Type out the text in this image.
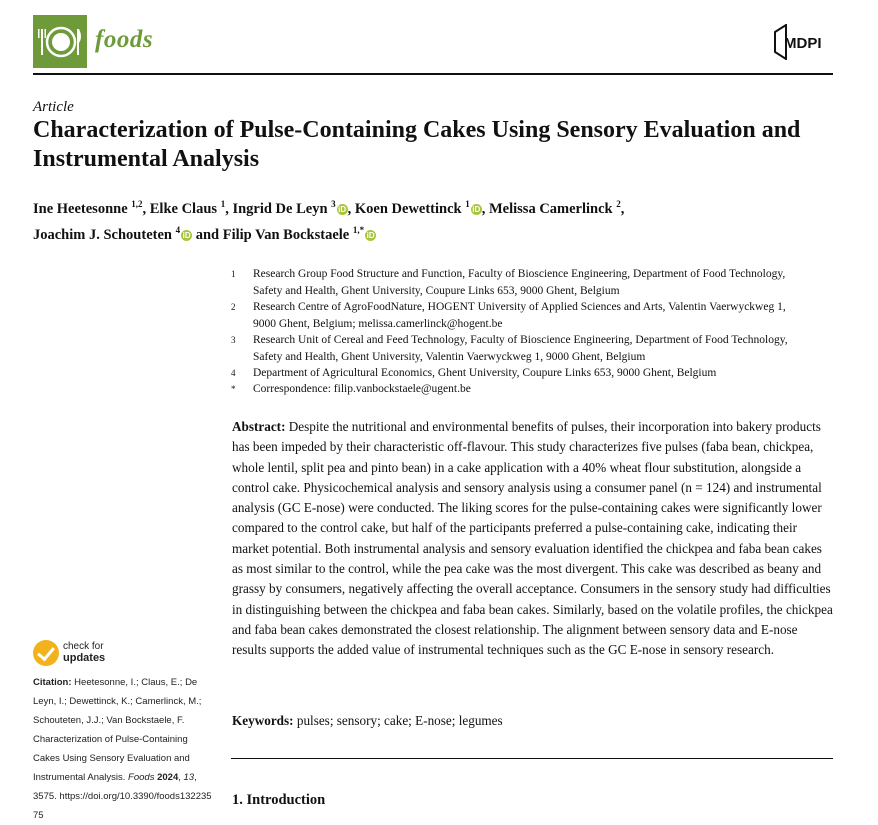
foods	MDPI
Article
Characterization of Pulse-Containing Cakes Using Sensory Evaluation and Instrumental Analysis
Ine Heetesonne $^{1,2}$, Elke Claus $^1$, Ingrid De Leyn $^3$iD , Koen Dewettinck $^1$iD , Melissa Camerlinck $^2$,
Joachim J. Schouteten $^4$iD and Filip Van Bockstaele $^{1,*}$iD
1 Research Group Food Structure and Function, Faculty of Bioscience Engineering, Department of Food Technology, Safety and Health, Ghent University, Coupure Links 653, 9000 Ghent, Belgium
2 Research Centre of AgroFoodNature, HOGENT University of Applied Sciences and Arts, Valentin Vaerwyckweg 1, 9000 Ghent, Belgium; melissa.camerlinck@hogent.be
3 Research Unit of Cereal and Feed Technology, Faculty of Bioscience Engineering, Department of Food Technology, Safety and Health, Ghent University, Valentin Vaerwyckweg 1, 9000 Ghent, Belgium
4 Department of Agricultural Economics, Ghent University, Coupure Links 653, 9000 Ghent, Belgium
* Correspondence: filip.vanbockstaele@ugent.be
check for
updates
Citation: Heetesonne, I.; Claus, E.; De Leyn, I.; Dewettinck, K.; Camerlinck, M.; Schouteten, J.J.; Van Bockstaele, F. Characterization of Pulse-Containing Cakes Using Sensory Evaluation and Instrumental Analysis. Foods 2024, 13, 3575. https://doi.org/10.3390/foods13223575
Abstract: Despite the nutritional and environmental benefits of pulses, their incorporation into bakery products has been impeded by their characteristic off-flavour. This study characterizes five pulses (faba bean, chickpea, whole lentil, split pea and pinto bean) in a cake application with a 40% wheat flour substitution, alongside a control cake. Physicochemical analysis and sensory analysis using a consumer panel (n = 124) and instrumental analysis (GC E-nose) were conducted. The liking scores for the pulse-containing cakes were significantly lower compared to the control cake, but half of the participants preferred a pulse-containing cake, indicating their market potential. Both instrumental analysis and sensory evaluation identified the chickpea and faba bean cakes as most similar to the control, while the pea cake was the most divergent. This cake was described as beany and grassy by consumers, negatively affecting the overall acceptance. Consumers in the sensory study had difficulties in distinguishing between the chickpea and faba bean cakes. Similarly, based on the volatile profiles, the chickpea and faba bean cakes demonstrated the closest relationship. The alignment between sensory data and E-nose results supports the added value of instrumental techniques such as the GC E-nose in sensory research.
Keywords: pulses; sensory; cake; E-nose; legumes
1. Introduction
